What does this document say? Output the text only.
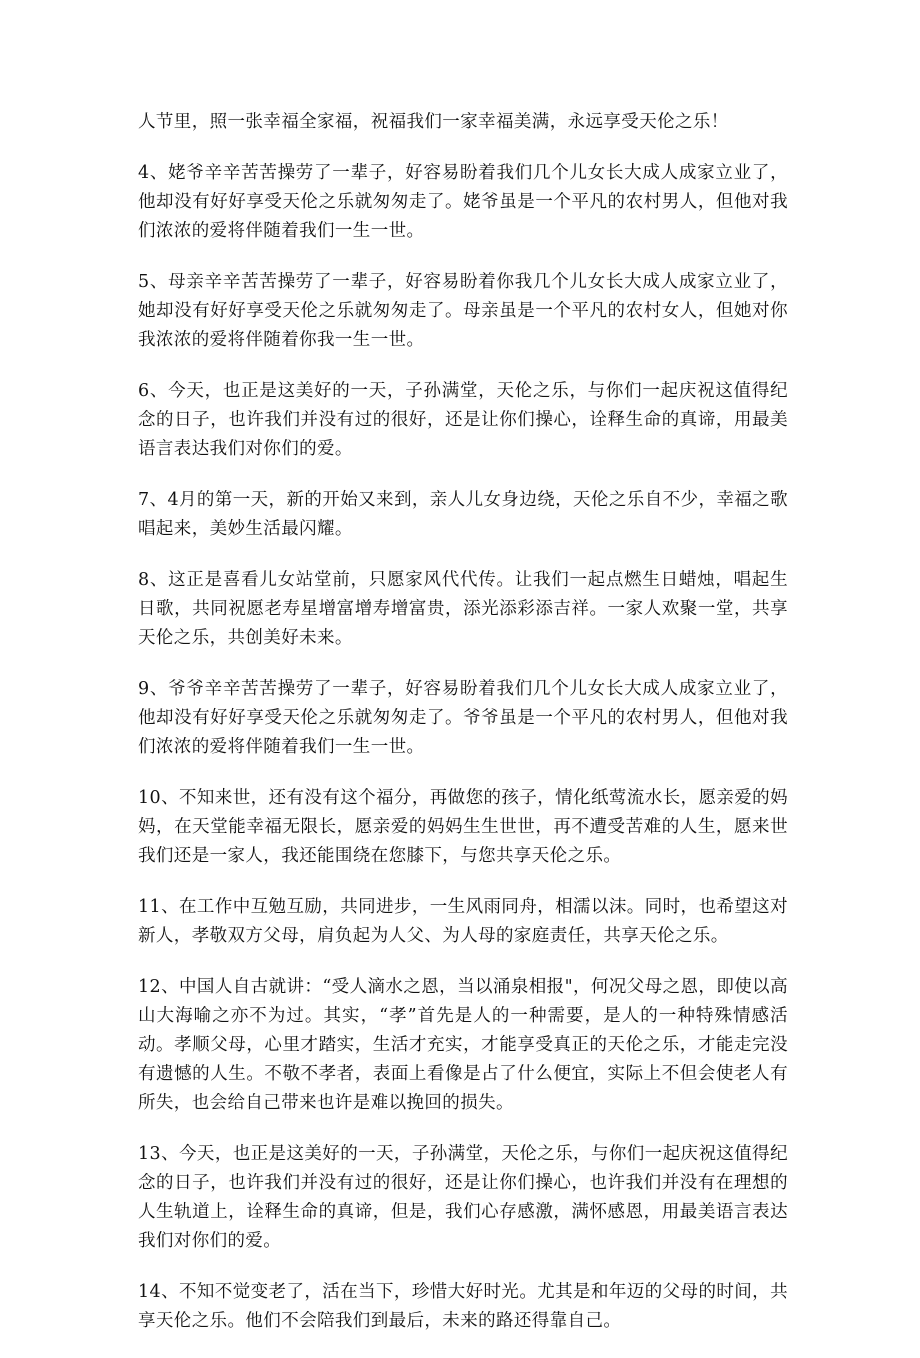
人节里，照一张幸福全家福，祝福我们一家幸福美满，永远享受天伦之乐！

4、姥爷辛辛苦苦操劳了一辈子，好容易盼着我们几个儿女长大成人成家立业了，他却没有好好享受天伦之乐就匆匆走了。姥爷虽是一个平凡的农村男人，但他对我们浓浓的爱将伴随着我们一生一世。

5、母亲辛辛苦苦操劳了一辈子，好容易盼着你我几个儿女长大成人成家立业了，她却没有好好享受天伦之乐就匆匆走了。母亲虽是一个平凡的农村女人，但她对你我浓浓的爱将伴随着你我一生一世。

6、今天，也正是这美好的一天，子孙满堂，天伦之乐，与你们一起庆祝这值得纪念的日子，也许我们并没有过的很好，还是让你们操心，诠释生命的真谛，用最美语言表达我们对你们的爱。

7、4月的第一天，新的开始又来到，亲人儿女身边绕，天伦之乐自不少，幸福之歌唱起来，美妙生活最闪耀。

8、这正是喜看儿女站堂前，只愿家风代代传。让我们一起点燃生日蜡烛，唱起生日歌，共同祝愿老寿星增富增寿增富贵，添光添彩添吉祥。一家人欢聚一堂，共享天伦之乐，共创美好未来。

9、爷爷辛辛苦苦操劳了一辈子，好容易盼着我们几个儿女长大成人成家立业了，他却没有好好享受天伦之乐就匆匆走了。爷爷虽是一个平凡的农村男人，但他对我们浓浓的爱将伴随着我们一生一世。

10、不知来世，还有没有这个福分，再做您的孩子，情化纸莺流水长，愿亲爱的妈妈，在天堂能幸福无限长，愿亲爱的妈妈生生世世，再不遭受苦难的人生，愿来世我们还是一家人，我还能围绕在您膝下，与您共享天伦之乐。

11、在工作中互勉互励，共同进步，一生风雨同舟，相濡以沫。同时，也希望这对新人，孝敬双方父母，肩负起为人父、为人母的家庭责任，共享天伦之乐。

12、中国人自古就讲：“受人滴水之恩，当以涌泉相报"，何况父母之恩，即使以高山大海喻之亦不为过。其实，“孝”首先是人的一种需要，是人的一种特殊情感活动。孝顺父母，心里才踏实，生活才充实，才能享受真正的天伦之乐，才能走完没有遗憾的人生。不敬不孝者，表面上看像是占了什么便宜，实际上不但会使老人有所失，也会给自己带来也许是难以挽回的损失。

13、今天，也正是这美好的一天，子孙满堂，天伦之乐，与你们一起庆祝这值得纪念的日子，也许我们并没有过的很好，还是让你们操心，也许我们并没有在理想的人生轨道上，诠释生命的真谛，但是，我们心存感激，满怀感恩，用最美语言表达我们对你们的爱。

14、不知不觉变老了，活在当下，珍惜大好时光。尤其是和年迈的父母的时间，共享天伦之乐。他们不会陪我们到最后，未来的路还得靠自己。
